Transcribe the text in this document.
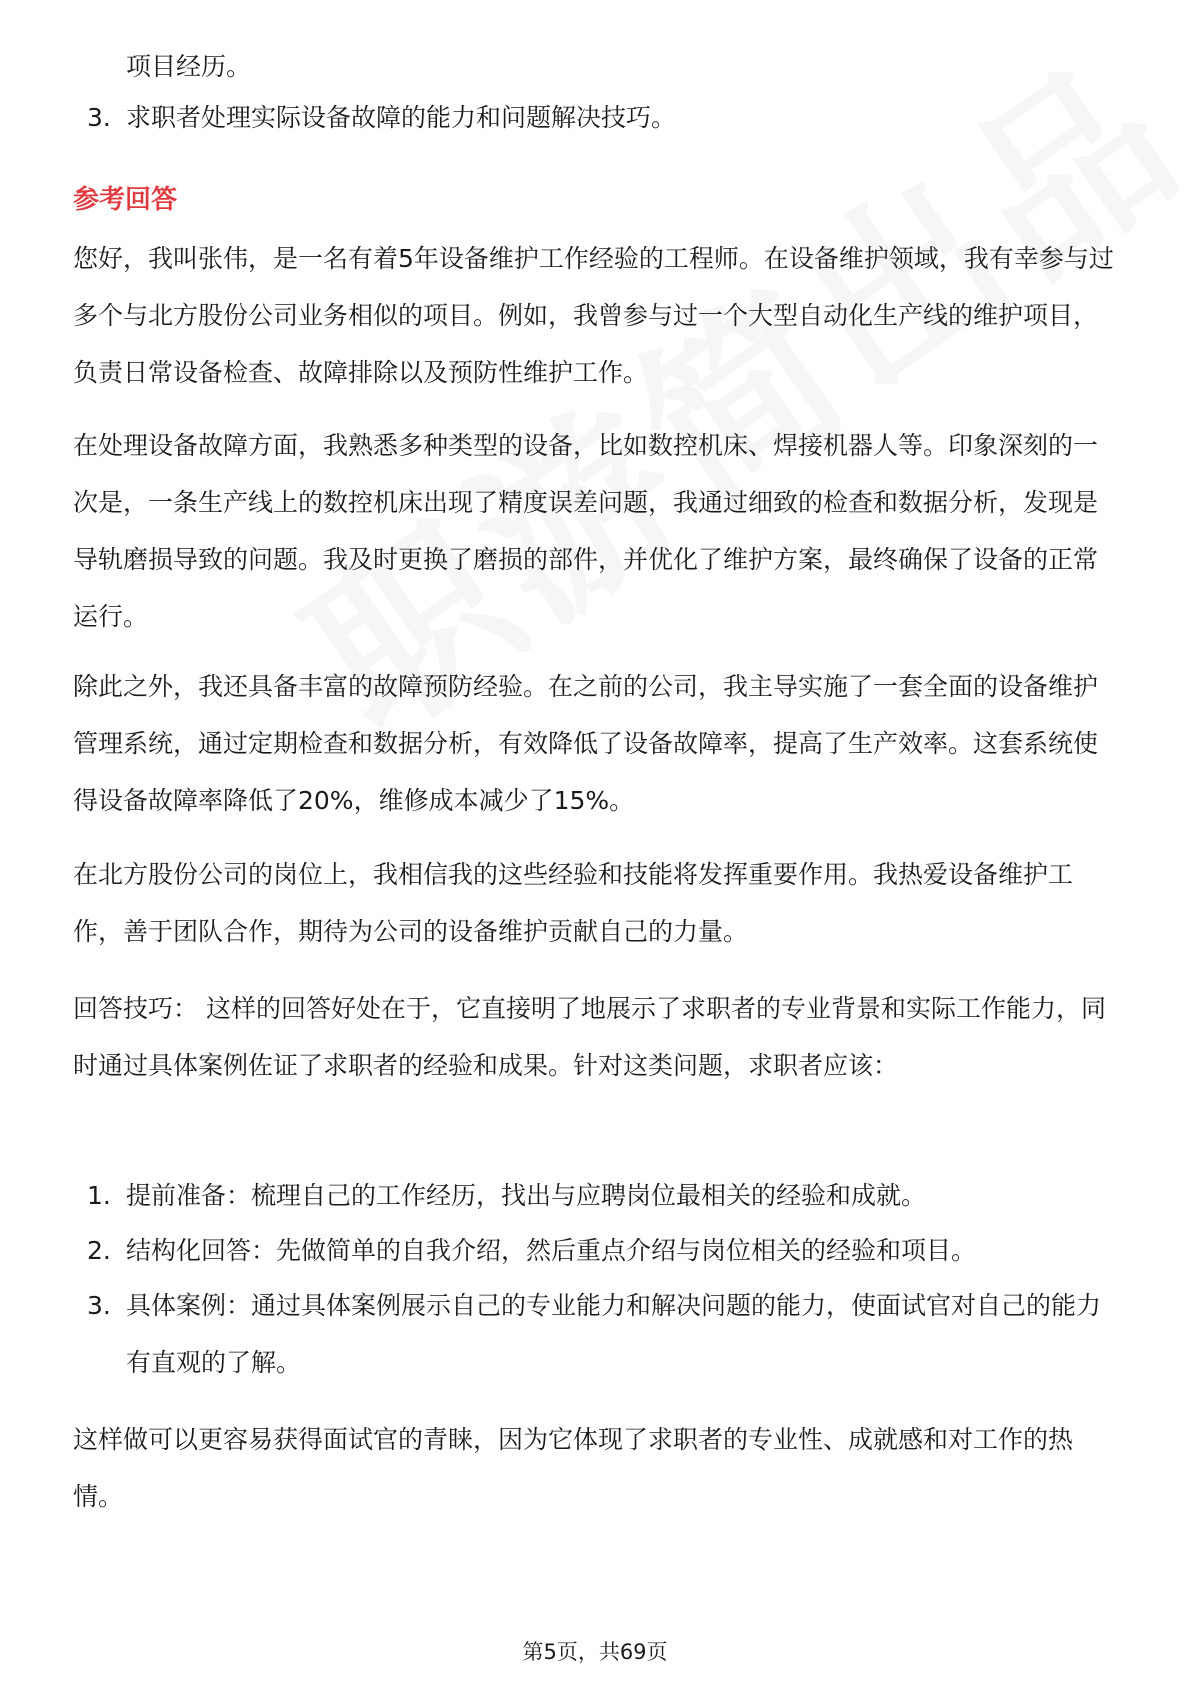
项目经历。

3. 求职者处理实际设备故障的能力和问题解决技巧。

参考回答

您好，我叫张伟，是一名有着5年设备维护工作经验的工程师。在设备维护领域，我有幸参与过多个与北方股份公司业务相似的项目。例如，我曾参与过一个大型自动化生产线的维护项目，负责日常设备检查、故障排除以及预防性维护工作。

在处理设备故障方面，我熟悉多种类型的设备，比如数控机床、焊接机器人等。印象深刻的一次是，一条生产线上的数控机床出现了精度误差问题，我通过细致的检查和数据分析，发现是导轨磨损导致的问题。我及时更换了磨损的部件，并优化了维护方案，最终确保了设备的正常运行。

除此之外，我还具备丰富的故障预防经验。在之前的公司，我主导实施了一套全面的设备维护管理系统，通过定期检查和数据分析，有效降低了设备故障率，提高了生产效率。这套系统使得设备故障率降低了20%，维修成本减少了15%。

在北方股份公司的岗位上，我相信我的这些经验和技能将发挥重要作用。我热爱设备维护工作，善于团队合作，期待为公司的设备维护贡献自己的力量。

回答技巧： 这样的回答好处在于，它直接明了地展示了求职者的专业背景和实际工作能力，同时通过具体案例佐证了求职者的经验和成果。针对这类问题，求职者应该：

1. 提前准备：梳理自己的工作经历，找出与应聘岗位最相关的经验和成就。

2. 结构化回答：先做简单的自我介绍，然后重点介绍与岗位相关的经验和项目。

3. 具体案例：通过具体案例展示自己的专业能力和解决问题的能力，使面试官对自己的能力有直观的了解。

这样做可以更容易获得面试官的青睐，因为它体现了求职者的专业性、成就感和对工作的热情。

第5页，共69页
